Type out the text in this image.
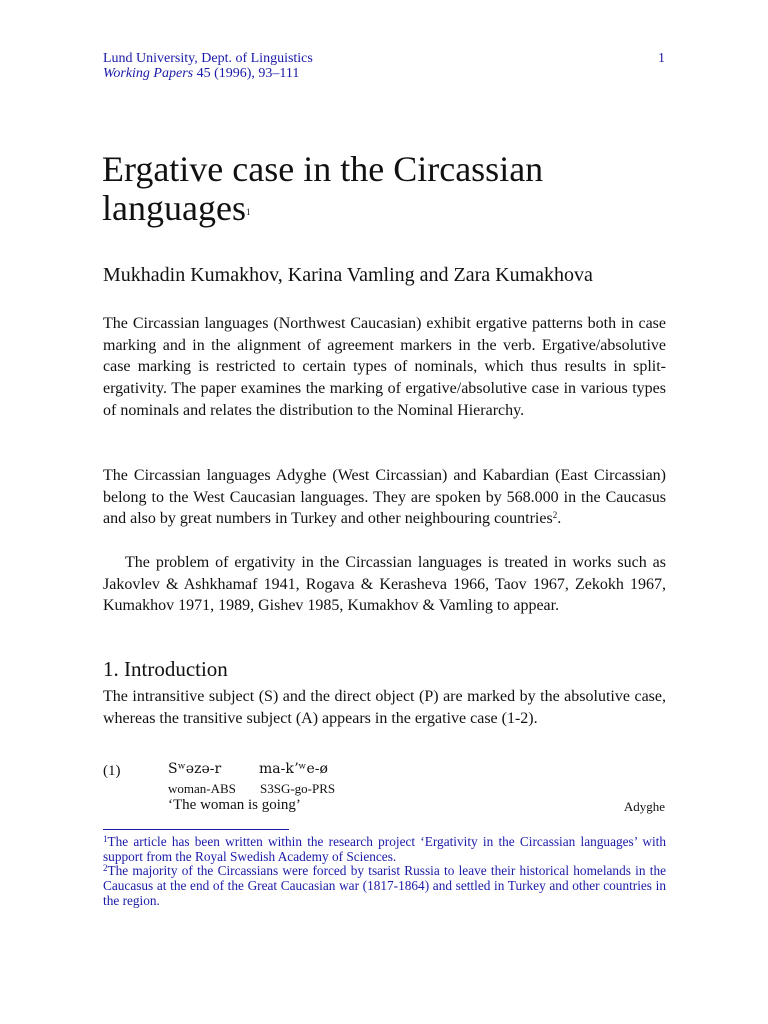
Lund University, Dept. of Linguistics
Working Papers 45 (1996), 93–111
1
Ergative case in the Circassian languages$^1$
Mukhadin Kumakhov, Karina Vamling and Zara Kumakhova
The Circassian languages (Northwest Caucasian) exhibit ergative patterns both in case marking and in the alignment of agreement markers in the verb. Ergative/absolutive case marking is restricted to certain types of nominals, which thus results in split-ergativity. The paper examines the marking of ergative/absolutive case in various types of nominals and relates the distribution to the Nominal Hierarchy.
The Circassian languages Adyghe (West Circassian) and Kabardian (East Circassian) belong to the West Caucasian languages. They are spoken by 568.000 in the Caucasus and also by great numbers in Turkey and other neighbouring countries$^2$.
The problem of ergativity in the Circassian languages is treated in works such as Jakovlev & Ashkhamaf 1941, Rogava & Kerasheva 1966, Taov 1967, Zekokh 1967, Kumakhov 1971, 1989, Gishev 1985, Kumakhov & Vamling to appear.
1. Introduction
The intransitive subject (S) and the direct object (P) are marked by the absolutive case, whereas the transitive subject (A) appears in the ergative case (1-2).
(1)	Sʷəzə-r	ma-kʼʷe-ø
woman-ABS S3SG-go-PRS
‘The woman is going’	Adyghe
$^1$The article has been written within the research project ‘Ergativity in the Circassian languages’ with support from the Royal Swedish Academy of Sciences.
$^2$The majority of the Circassians were forced by tsarist Russia to leave their historical homelands in the Caucasus at the end of the Great Caucasian war (1817-1864) and settled in Turkey and other countries in the region.
